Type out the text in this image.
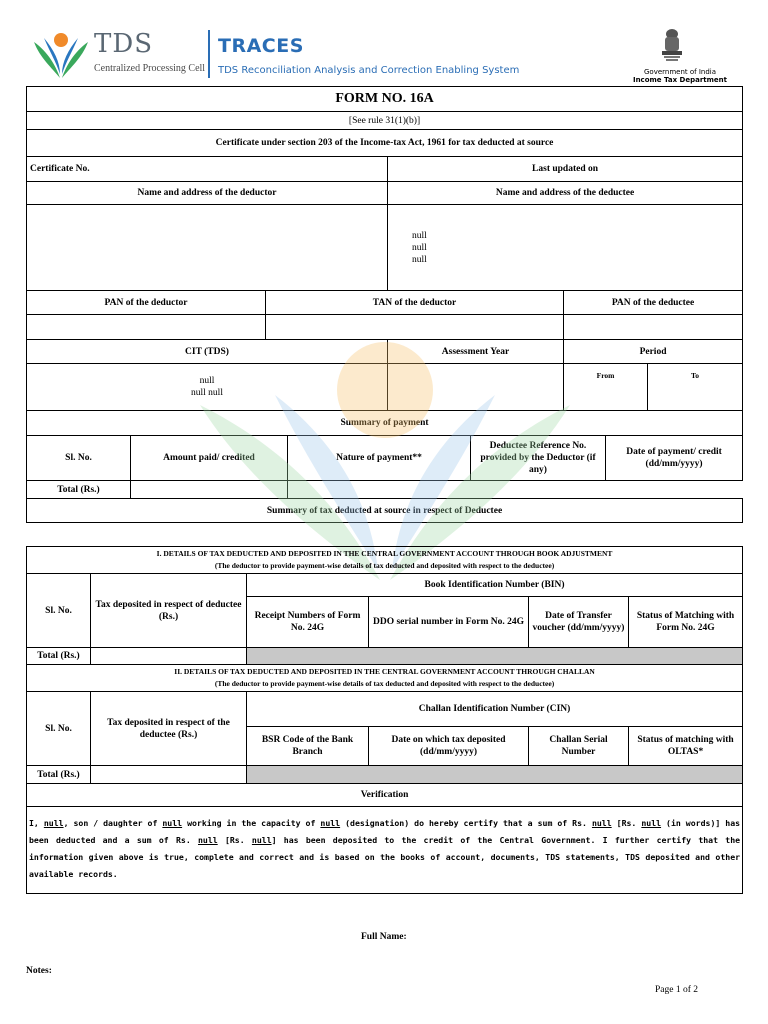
TDS
Centralized Processing Cell
TRACES
TDS Reconciliation Analysis and Correction Enabling System	Government of India
Income Tax Department
FORM NO. 16A								
[See rule 31(1)(b)]								
Certificate under section 203 of the Income-tax Act, 1961 for tax deducted at source								
Certificate No.				Last updated on				
Name and address of the deductor				Name and address of the deductee				

				null
null
null				

PAN of the deductor		TAN of the deductor				PAN of the deductee		

CIT (TDS)				Assessment Year		Period		

null
null null						From		To
Summary of payment								
Sl. No.	Amount paid/ credited		Nature of payment**		Deductee Reference No. provided by the Deductor (if any)		Date of payment/ credit (dd/mm/yyyy)	
Total (Rs.)								
Summary of tax deducted at source in respect of Deductee								
I. DETAILS OF TAX DEDUCTED AND DEPOSITED IN THE CENTRAL GOVERNMENT ACCOUNT THROUGH BOOK ADJUSTMENT
(The deductor to provide payment-wise details of tax deducted and deposited with respect to the deductee)					

Sl. No.	Tax deposited in respect of deductee (Rs.)	Book Identification Number (BIN)			
		Receipt Numbers of Form No. 24G	DDO serial number in Form No. 24G	Date of Transfer voucher (dd/mm/yyyy)	Status of Matching with Form No. 24G
Total (Rs.)					

II. DETAILS OF TAX DEDUCTED AND DEPOSITED IN THE CENTRAL GOVERNMENT ACCOUNT THROUGH CHALLAN
(The deductor to provide payment-wise details of tax deducted and deposited with respect to the deductee)					

Sl. No.	Tax deposited in respect of the deductee (Rs.)	Challan Identification Number (CIN)			
		BSR Code of the Bank Branch	Date on which tax deposited (dd/mm/yyyy)	Challan Serial Number	Status of matching with OLTAS*
Total (Rs.)					
Verification					
I, null, son / daughter of null working in the capacity of null (designation) do hereby certify that a sum of Rs. null [Rs. null (in words)] has been deducted and a sum of Rs. null [Rs. null] has been deposited to the credit of the Central Government. I further certify that the information given above is true, complete and correct and is based on the books of account, documents, TDS statements, TDS deposited and other available records.					
Full Name:
Notes:
Page 1 of 2
